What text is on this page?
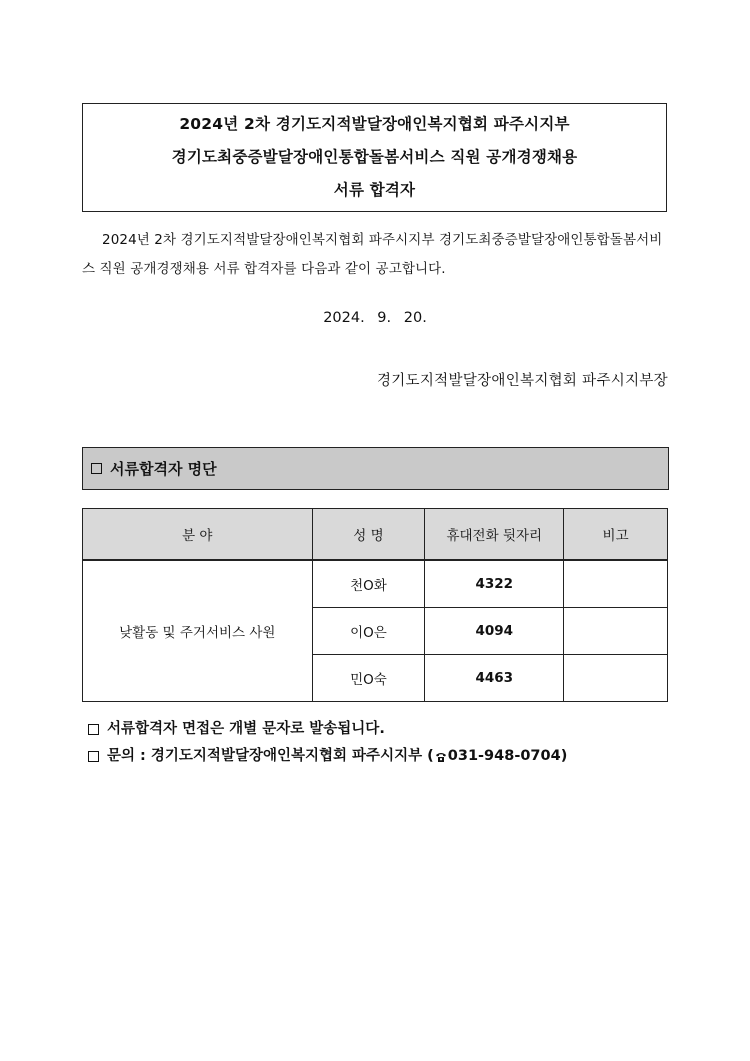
2024년 2차 경기도지적발달장애인복지협회 파주시지부
경기도최중증발달장애인통합돌봄서비스 직원 공개경쟁채용
서류 합격자
2024년 2차 경기도지적발달장애인복지협회 파주시지부 경기도최중증발달장애인통합돌봄서비스 직원 공개경쟁채용 서류 합격자를 다음과 같이 공고합니다.
2024. 9. 20.
경기도지적발달장애인복지협회 파주시지부장
서류합격자 명단
분 야	성 명	휴대전화 뒷자리	비고
낮활동 및 주거서비스 사원	천O화	4322	
	이O은	4094	
	민O숙	4463	
서류합격자 면접은 개별 문자로 발송됩니다.
문의 : 경기도지적발달장애인복지협회 파주시지부 ( 031-948-0704)
